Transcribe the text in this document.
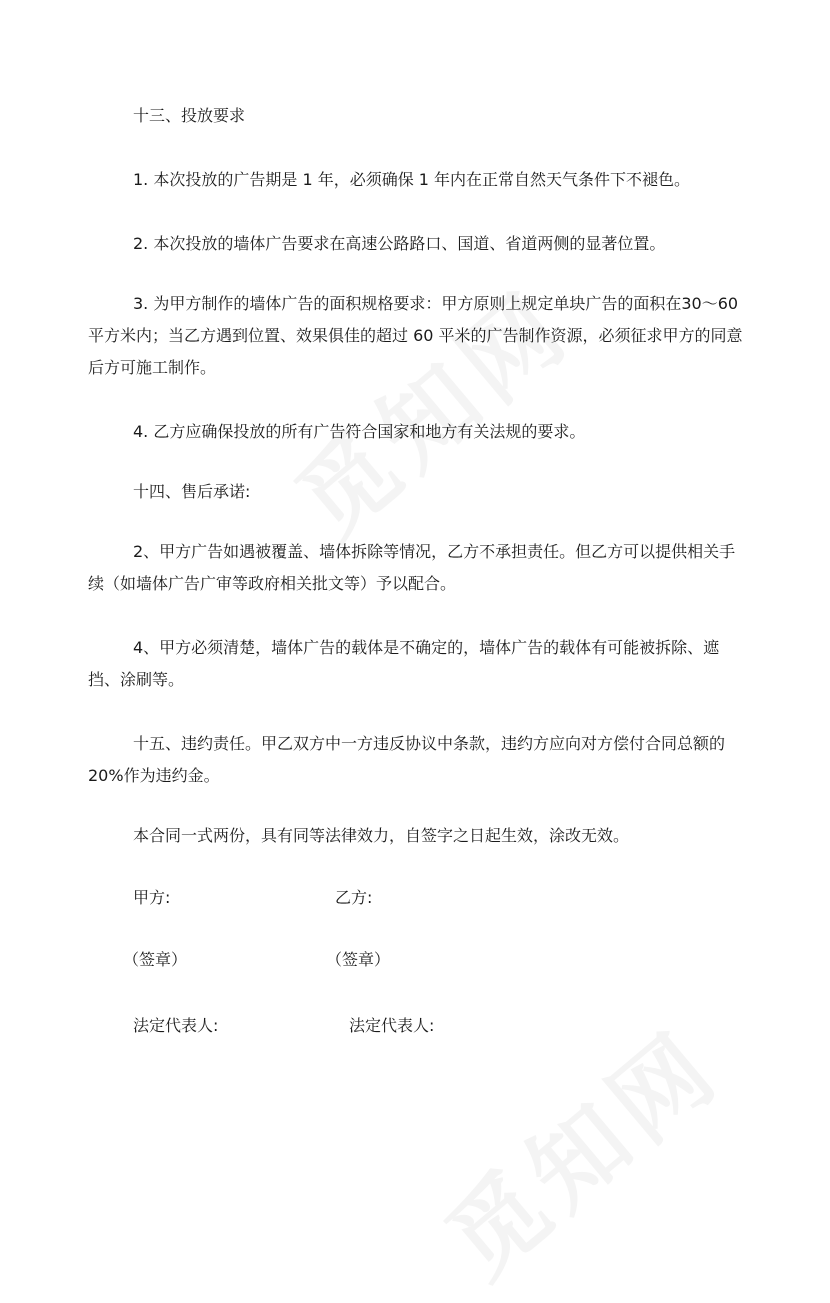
十三、投放要求

1. 本次投放的广告期是 1 年，必须确保 1 年内在正常自然天气条件下不褪色。

2. 本次投放的墙体广告要求在高速公路路口、国道、省道两侧的显著位置。

3. 为甲方制作的墙体广告的面积规格要求：甲方原则上规定单块广告的面积在30～60 平方米内；当乙方遇到位置、效果俱佳的超过 60 平米的广告制作资源，必须征求甲方的同意后方可施工制作。

4. 乙方应确保投放的所有广告符合国家和地方有关法规的要求。

十四、售后承诺:

2、甲方广告如遇被覆盖、墙体拆除等情况，乙方不承担责任。但乙方可以提供相关手续（如墙体广告广审等政府相关批文等）予以配合。

4、甲方必须清楚，墙体广告的载体是不确定的，墙体广告的载体有可能被拆除、遮挡、涂刷等。

十五、违约责任。甲乙双方中一方违反协议中条款，违约方应向对方偿付合同总额的 20%作为违约金。

本合同一式两份，具有同等法律效力，自签字之日起生效，涂改无效。

甲方:	乙方:
（签章）	（签章）
法定代表人:	法定代表人:
